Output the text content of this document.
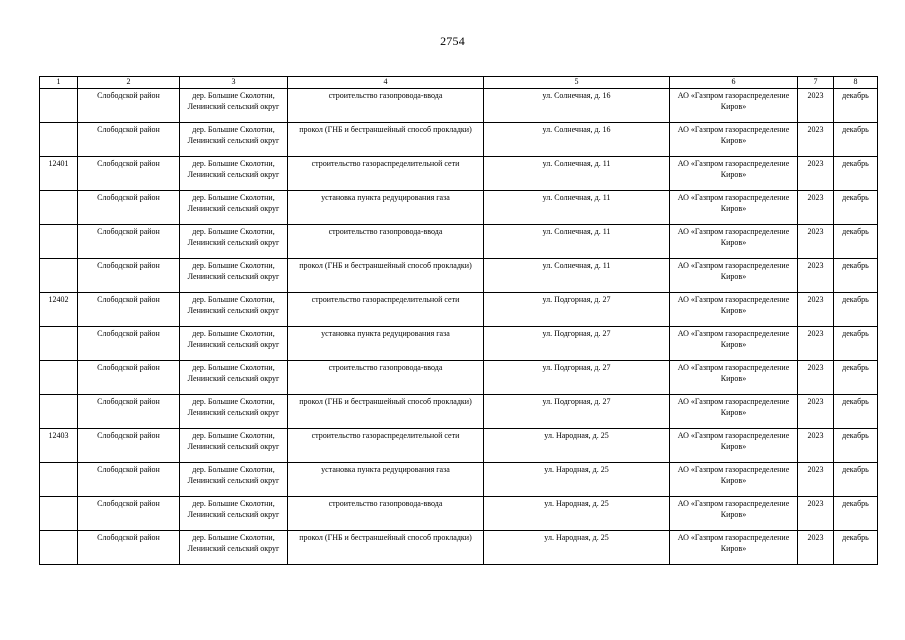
2754
1	2	3	4	5	6	7	8
	Слободской район	дер. Большие Сколотни, Ленинский сельский округ	строительство газопровода-ввода	ул. Солнечная, д. 16	АО «Газпром газораспределение Киров»	2023	декабрь
	Слободской район	дер. Большие Сколотни, Ленинский сельский округ	прокол (ГНБ и бестраншейный способ прокладки)	ул. Солнечная, д. 16	АО «Газпром газораспределение Киров»	2023	декабрь
12401	Слободской район	дер. Большие Сколотни, Ленинский сельский округ	строительство газораспределительной сети	ул. Солнечная, д. 11	АО «Газпром газораспределение Киров»	2023	декабрь
	Слободской район	дер. Большие Сколотни, Ленинский сельский округ	установка пункта редуцирования газа	ул. Солнечная, д. 11	АО «Газпром газораспределение Киров»	2023	декабрь
	Слободской район	дер. Большие Сколотни, Ленинский сельский округ	строительство газопровода-ввода	ул. Солнечная, д. 11	АО «Газпром газораспределение Киров»	2023	декабрь
	Слободской район	дер. Большие Сколотни, Ленинский сельский округ	прокол (ГНБ и бестраншейный способ прокладки)	ул. Солнечная, д. 11	АО «Газпром газораспределение Киров»	2023	декабрь
12402	Слободской район	дер. Большие Сколотни, Ленинский сельский округ	строительство газораспределительной сети	ул. Подгорная, д. 27	АО «Газпром газораспределение Киров»	2023	декабрь
	Слободской район	дер. Большие Сколотни, Ленинский сельский округ	установка пункта редуцирования газа	ул. Подгорная, д. 27	АО «Газпром газораспределение Киров»	2023	декабрь
	Слободской район	дер. Большие Сколотни, Ленинский сельский округ	строительство газопровода-ввода	ул. Подгорная, д. 27	АО «Газпром газораспределение Киров»	2023	декабрь
	Слободской район	дер. Большие Сколотни, Ленинский сельский округ	прокол (ГНБ и бестраншейный способ прокладки)	ул. Подгорная, д. 27	АО «Газпром газораспределение Киров»	2023	декабрь
12403	Слободской район	дер. Большие Сколотни, Ленинский сельский округ	строительство газораспределительной сети	ул. Народная, д. 25	АО «Газпром газораспределение Киров»	2023	декабрь
	Слободской район	дер. Большие Сколотни, Ленинский сельский округ	установка пункта редуцирования газа	ул. Народная, д. 25	АО «Газпром газораспределение Киров»	2023	декабрь
	Слободской район	дер. Большие Сколотни, Ленинский сельский округ	строительство газопровода-ввода	ул. Народная, д. 25	АО «Газпром газораспределение Киров»	2023	декабрь
	Слободской район	дер. Большие Сколотни, Ленинский сельский округ	прокол (ГНБ и бестраншейный способ прокладки)	ул. Народная, д. 25	АО «Газпром газораспределение Киров»	2023	декабрь
